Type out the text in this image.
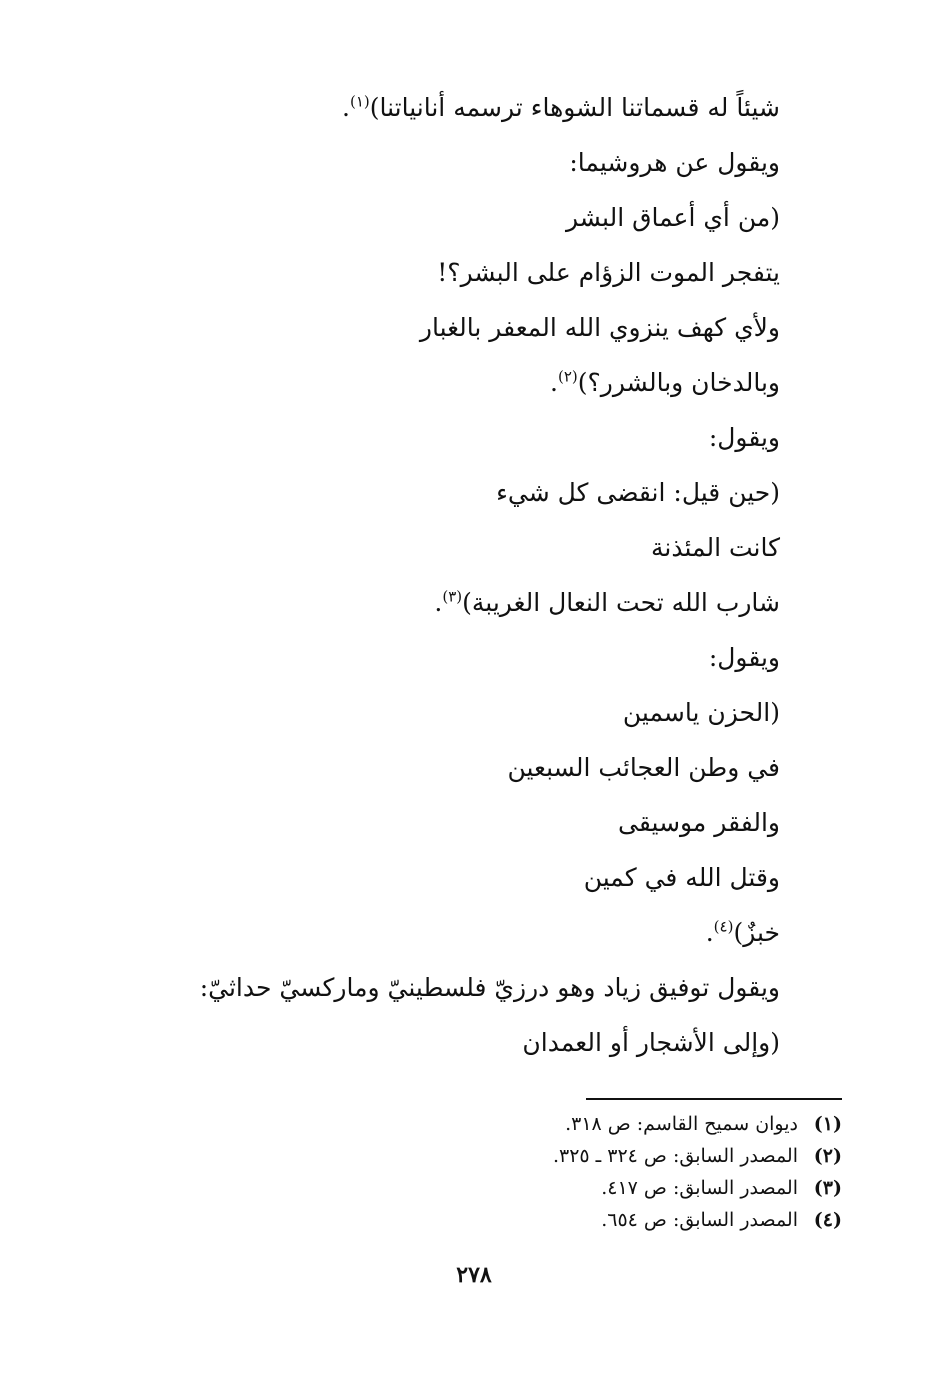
شيئاً له قسماتنا الشوهاء ترسمه أنانياتنا)$^{(١)}$.
ويقول عن هروشيما:
(من أي أعماق البشر
يتفجر الموت الزؤام على البشر؟!
ولأي كهف ينزوي الله المعفر بالغبار
وبالدخان وبالشرر؟)$^{(٢)}$.
ويقول:
(حين قيل: انقضى كل شيء
كانت المئذنة
شارب الله تحت النعال الغريبة)$^{(٣)}$.
ويقول:
(الحزن ياسمين
في وطن العجائب السبعين
والفقر موسيقى
وقتل الله في كمين
خبزٌ)$^{(٤)}$.
ويقول توفيق زياد وهو درزيّ فلسطينيّ وماركسيّ حداثيّ:
(وإلى الأشجار أو العمدان
(١)ديوان سميح القاسم: ص ٣١٨.
(٢)المصدر السابق: ص ٣٢٤ ـ ٣٢٥.
(٣)المصدر السابق: ص ٤١٧.
(٤)المصدر السابق: ص ٦٥٤.
٢٧٨
